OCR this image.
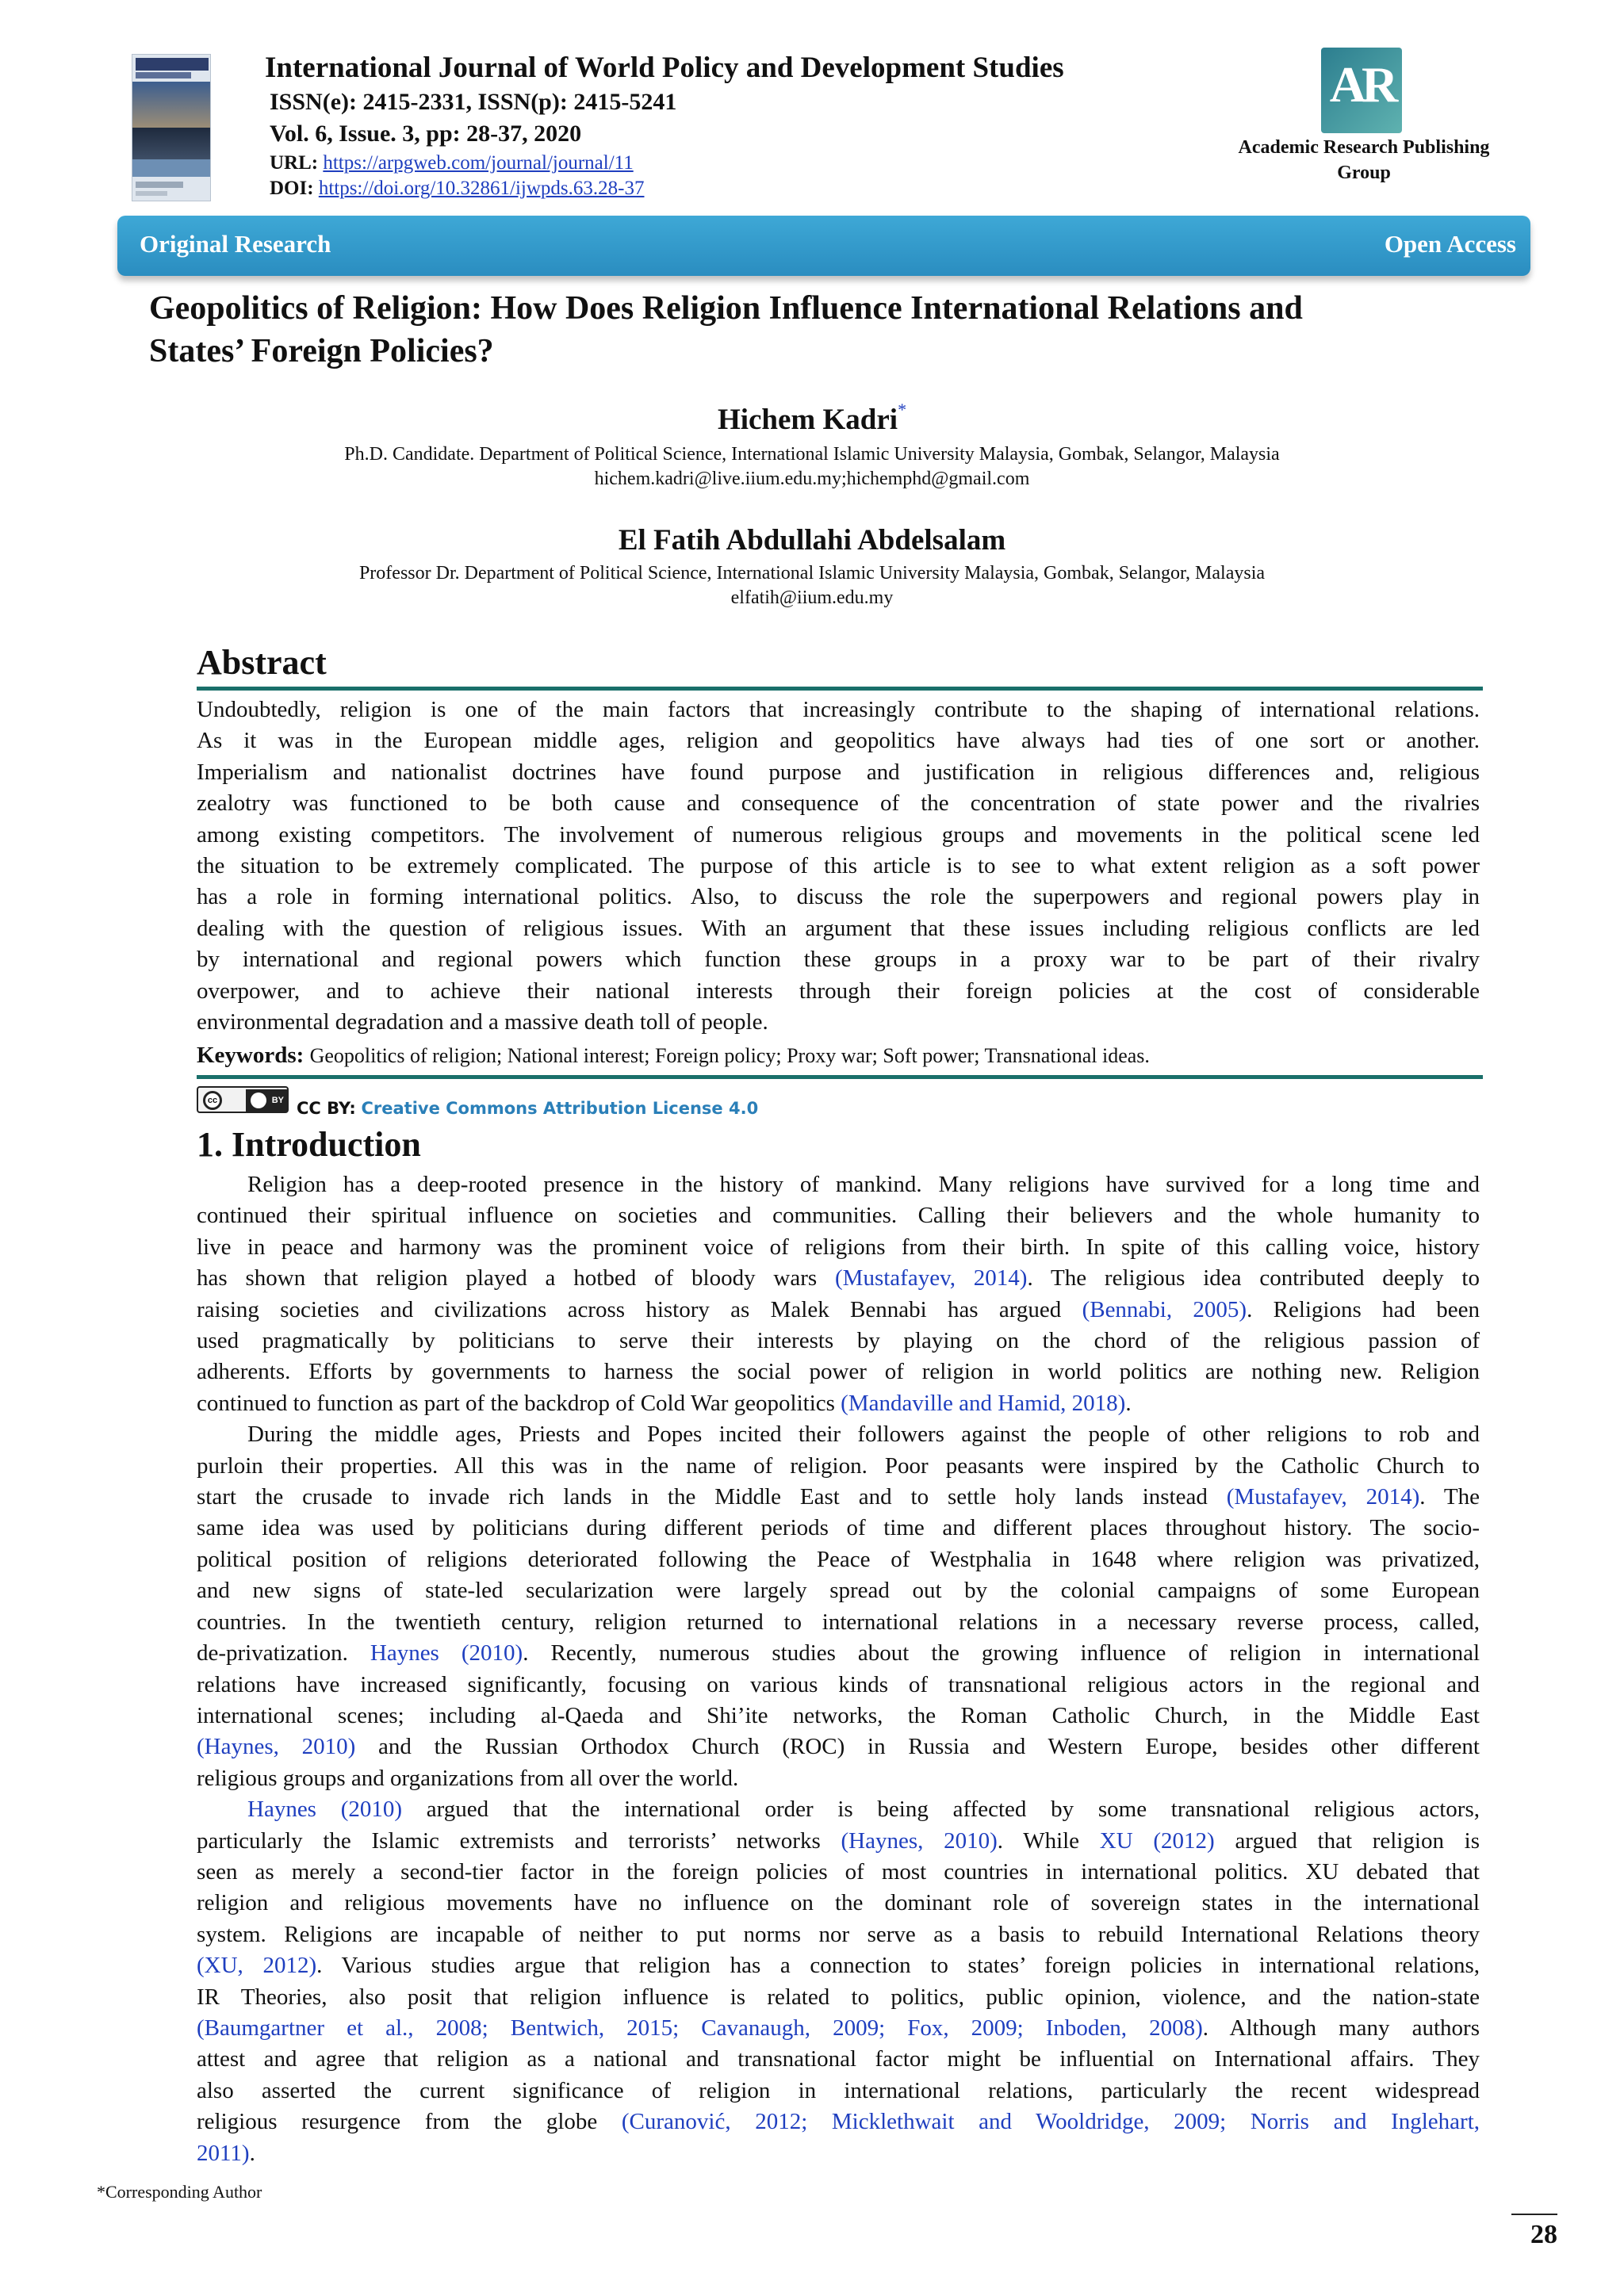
International Journal of World Policy and Development Studies
ISSN(e): 2415-2331, ISSN(p): 2415-5241
Vol. 6, Issue. 3, pp: 28-37, 2020
URL: https://arpgweb.com/journal/journal/11
DOI: https://doi.org/10.32861/ijwpds.63.28-37
AR
Academic Research Publishing
Group
Original Research	Open Access
Geopolitics of Religion: How Does Religion Influence International Relations and
States’ Foreign Policies?
Hichem Kadri*
Ph.D. Candidate. Department of Political Science, International Islamic University Malaysia, Gombak, Selangor, Malaysia
hichem.kadri@live.iium.edu.my;hichemphd@gmail.com
El Fatih Abdullahi Abdelsalam
Professor Dr. Department of Political Science, International Islamic University Malaysia, Gombak, Selangor, Malaysia
elfatih@iium.edu.my
Abstract
Undoubtedly, religion is one of the main factors that increasingly contribute to the shaping of international relations.
As it was in the European middle ages, religion and geopolitics have always had ties of one sort or another.
Imperialism and nationalist doctrines have found purpose and justification in religious differences and, religious
zealotry was functioned to be both cause and consequence of the concentration of state power and the rivalries
among existing competitors. The involvement of numerous religious groups and movements in the political scene led
the situation to be extremely complicated. The purpose of this article is to see to what extent religion as a soft power
has a role in forming international politics. Also, to discuss the role the superpowers and regional powers play in
dealing with the question of religious issues. With an argument that these issues including religious conflicts are led
by international and regional powers which function these groups in a proxy war to be part of their rivalry
overpower, and to achieve their national interests through their foreign policies at the cost of considerable
environmental degradation and a massive death toll of people.
Keywords: Geopolitics of religion; National interest; Foreign policy; Proxy war; Soft power; Transnational ideas.
cc	BY CC BY: Creative Commons Attribution License 4.0
1. Introduction
Religion has a deep-rooted presence in the history of mankind. Many religions have survived for a long time and
continued their spiritual influence on societies and communities. Calling their believers and the whole humanity to
live in peace and harmony was the prominent voice of religions from their birth. In spite of this calling voice, history
has shown that religion played a hotbed of bloody wars (Mustafayev, 2014). The religious idea contributed deeply to
raising societies and civilizations across history as Malek Bennabi has argued (Bennabi, 2005). Religions had been
used pragmatically by politicians to serve their interests by playing on the chord of the religious passion of
adherents. Efforts by governments to harness the social power of religion in world politics are nothing new. Religion
continued to function as part of the backdrop of Cold War geopolitics (Mandaville and Hamid, 2018).
During the middle ages, Priests and Popes incited their followers against the people of other religions to rob and
purloin their properties. All this was in the name of religion. Poor peasants were inspired by the Catholic Church to
start the crusade to invade rich lands in the Middle East and to settle holy lands instead (Mustafayev, 2014). The
same idea was used by politicians during different periods of time and different places throughout history. The socio-
political position of religions deteriorated following the Peace of Westphalia in 1648 where religion was privatized,
and new signs of state-led secularization were largely spread out by the colonial campaigns of some European
countries. In the twentieth century, religion returned to international relations in a necessary reverse process, called,
de-privatization. Haynes (2010). Recently, numerous studies about the growing influence of religion in international
relations have increased significantly, focusing on various kinds of transnational religious actors in the regional and
international scenes; including al-Qaeda and Shi’ite networks, the Roman Catholic Church, in the Middle East
(Haynes, 2010) and the Russian Orthodox Church (ROC) in Russia and Western Europe, besides other different
religious groups and organizations from all over the world.
Haynes (2010) argued that the international order is being affected by some transnational religious actors,
particularly the Islamic extremists and terrorists’ networks (Haynes, 2010). While XU (2012) argued that religion is
seen as merely a second-tier factor in the foreign policies of most countries in international politics. XU debated that
religion and religious movements have no influence on the dominant role of sovereign states in the international
system. Religions are incapable of neither to put norms nor serve as a basis to rebuild International Relations theory
(XU, 2012). Various studies argue that religion has a connection to states’ foreign policies in international relations,
IR Theories, also posit that religion influence is related to politics, public opinion, violence, and the nation-state
(Baumgartner et al., 2008; Bentwich, 2015; Cavanaugh, 2009; Fox, 2009; Inboden, 2008). Although many authors
attest and agree that religion as a national and transnational factor might be influential on International affairs. They
also asserted the current significance of religion in international relations, particularly the recent widespread
religious resurgence from the globe (Curanović, 2012; Micklethwait and Wooldridge, 2009; Norris and Inglehart,
2011).
*Corresponding Author
28
